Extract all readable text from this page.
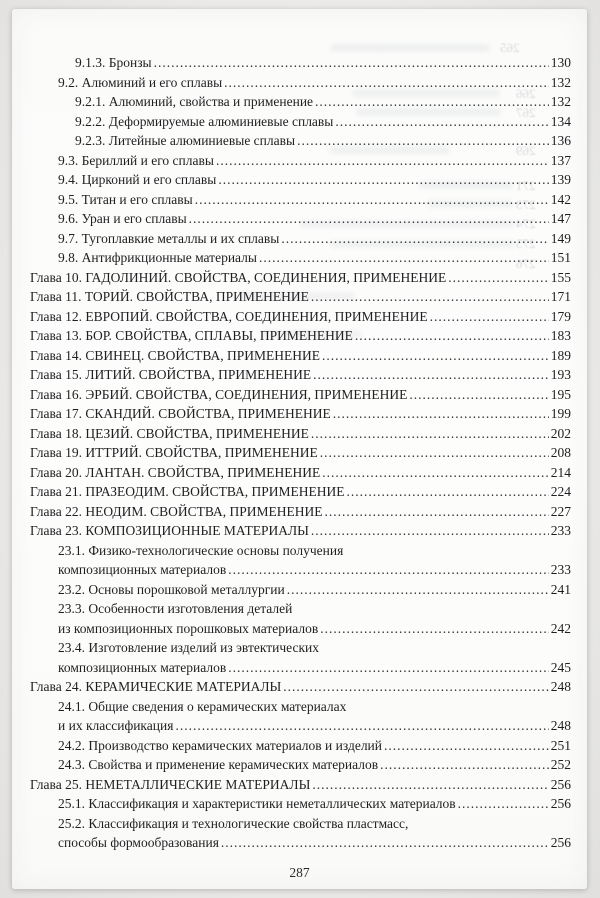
265
266
267
269
271
273
274
275
276
9.1.3. Бронзы .....	130
9.2. Алюминий и его сплавы .....	132
9.2.1. Алюминий, свойства и применение .....	132
9.2.2. Деформируемые алюминиевые сплавы .....	134
9.2.3. Литейные алюминиевые сплавы .....	136
9.3. Бериллий и его сплавы .....	137
9.4. Цирконий и его сплавы .....	139
9.5. Титан и его сплавы .....	142
9.6. Уран и его сплавы .....	147
9.7. Тугоплавкие металлы и их сплавы .....	149
9.8. Антифрикционные материалы .....	151
Глава 10. ГАДОЛИНИЙ. СВОЙСТВА, СОЕДИНЕНИЯ, ПРИМЕНЕНИЕ .....	155
Глава 11. ТОРИЙ. СВОЙСТВА, ПРИМЕНЕНИЕ .....	171
Глава 12. ЕВРОПИЙ. СВОЙСТВА, СОЕДИНЕНИЯ, ПРИМЕНЕНИЕ .....	179
Глава 13. БОР. СВОЙСТВА, СПЛАВЫ, ПРИМЕНЕНИЕ .....	183
Глава 14. СВИНЕЦ. СВОЙСТВА, ПРИМЕНЕНИЕ .....	189
Глава 15. ЛИТИЙ. СВОЙСТВА, ПРИМЕНЕНИЕ .....	193
Глава 16. ЭРБИЙ. СВОЙСТВА, СОЕДИНЕНИЯ, ПРИМЕНЕНИЕ .....	195
Глава 17. СКАНДИЙ. СВОЙСТВА, ПРИМЕНЕНИЕ .....	199
Глава 18. ЦЕЗИЙ. СВОЙСТВА, ПРИМЕНЕНИЕ .....	202
Глава 19. ИТТРИЙ. СВОЙСТВА, ПРИМЕНЕНИЕ .....	208
Глава 20. ЛАНТАН. СВОЙСТВА, ПРИМЕНЕНИЕ .....	214
Глава 21. ПРАЗЕОДИМ. СВОЙСТВА, ПРИМЕНЕНИЕ .....	224
Глава 22. НЕОДИМ. СВОЙСТВА, ПРИМЕНЕНИЕ .....	227
Глава 23. КОМПОЗИЦИОННЫЕ МАТЕРИАЛЫ .....	233
23.1. Физико-технологические основы получения
композиционных материалов .....	233
23.2. Основы порошковой металлургии .....	241
23.3. Особенности изготовления деталей
из композиционных порошковых материалов .....	242
23.4. Изготовление изделий из эвтектических
композиционных материалов .....	245
Глава 24. КЕРАМИЧЕСКИЕ МАТЕРИАЛЫ .....	248
24.1. Общие сведения о керамических материалах
и их классификация .....	248
24.2. Производство керамических материалов и изделий .....	251
24.3. Свойства и применение керамических материалов .....	252
Глава 25. НЕМЕТАЛЛИЧЕСКИЕ МАТЕРИАЛЫ .....	256
25.1. Классификация и характеристики неметаллических материалов .....	256
25.2. Классификация и технологические свойства пластмасс,
способы формообразования .....	256
287
